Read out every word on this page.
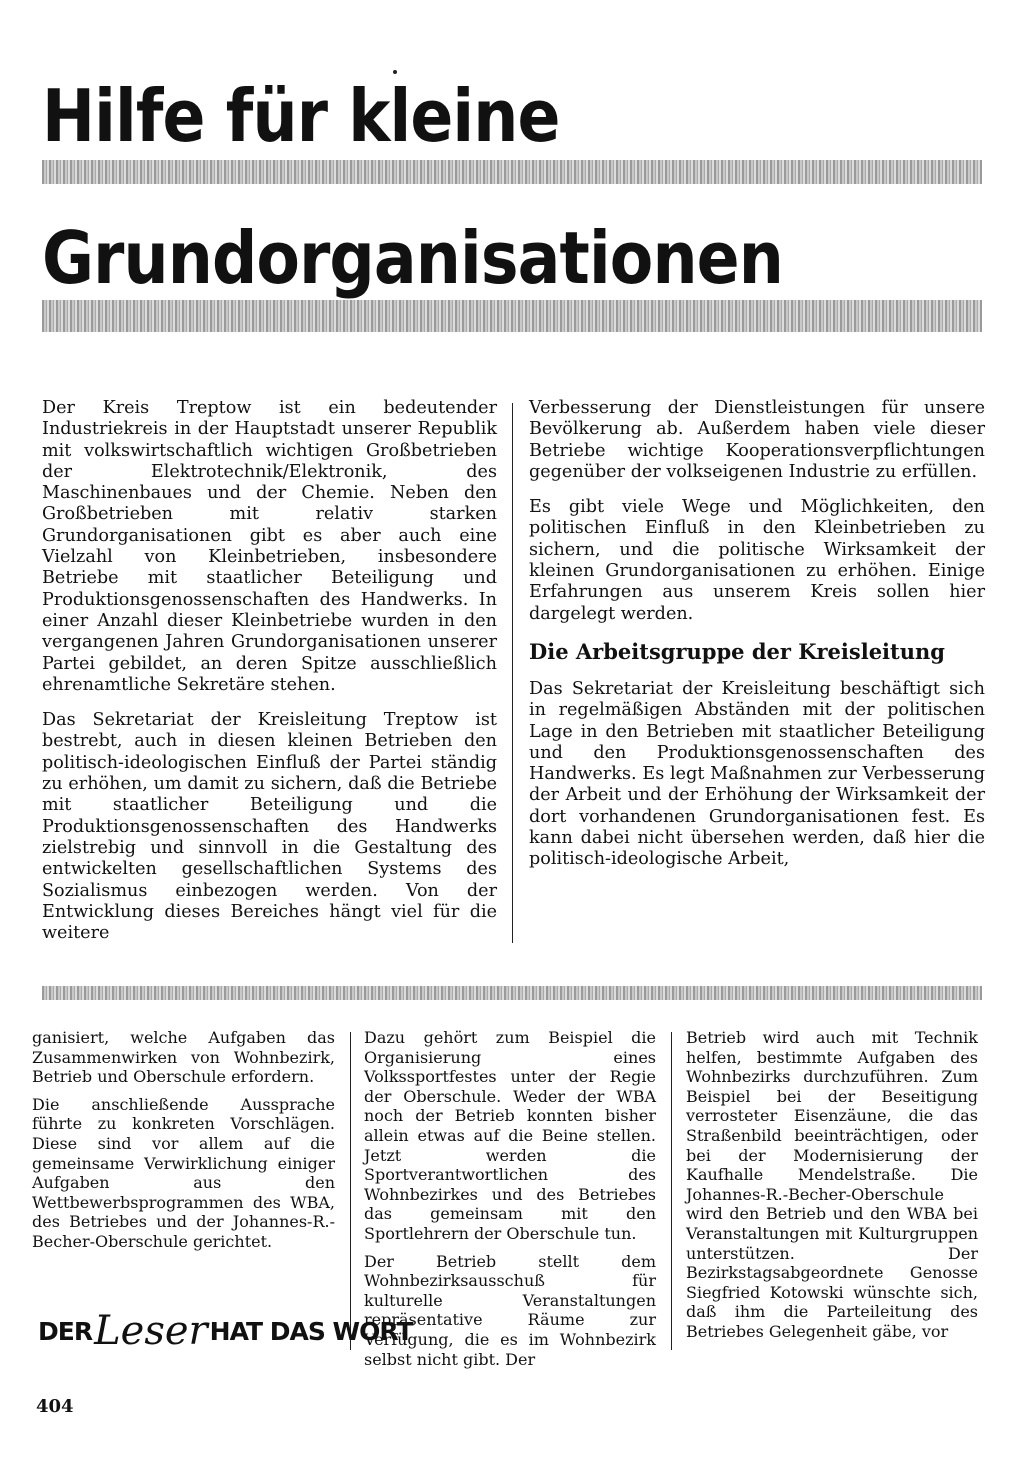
Hilfe für kleine
Grundorganisationen

Der Kreis Treptow ist ein bedeutender Industriekreis in der Hauptstadt unserer Republik mit volkswirtschaftlich wichtigen Großbetrieben der Elektrotechnik/Elektronik, des Maschinenbaues und der Chemie. Neben den Großbetrieben mit relativ starken Grundorganisationen gibt es aber auch eine Vielzahl von Kleinbetrieben, insbesondere Betriebe mit staatlicher Beteiligung und Produktionsgenossenschaften des Handwerks. In einer Anzahl dieser Kleinbetriebe wurden in den vergangenen Jahren Grundorganisationen unserer Partei gebildet, an deren Spitze ausschließlich ehrenamtliche Sekretäre stehen.

Das Sekretariat der Kreisleitung Treptow ist bestrebt, auch in diesen kleinen Betrieben den politisch-ideologischen Einfluß der Partei ständig zu erhöhen, um damit zu sichern, daß die Betriebe mit staatlicher Beteiligung und die Produktionsgenossenschaften des Handwerks zielstrebig und sinnvoll in die Gestaltung des entwickelten gesellschaftlichen Systems des Sozialismus einbezogen werden. Von der Entwicklung dieses Bereiches hängt viel für die weitere

Verbesserung der Dienstleistungen für unsere Bevölkerung ab. Außerdem haben viele dieser Betriebe wichtige Kooperationsverpflichtungen gegenüber der volkseigenen Industrie zu erfüllen.

Es gibt viele Wege und Möglichkeiten, den politischen Einfluß in den Kleinbetrieben zu sichern, und die politische Wirksamkeit der kleinen Grundorganisationen zu erhöhen. Einige Erfahrungen aus unserem Kreis sollen hier dargelegt werden.

Die Arbeitsgruppe der Kreisleitung

Das Sekretariat der Kreisleitung beschäftigt sich in regelmäßigen Abständen mit der politischen Lage in den Betrieben mit staatlicher Beteiligung und den Produktionsgenossenschaften des Handwerks. Es legt Maßnahmen zur Verbesserung der Arbeit und der Erhöhung der Wirksamkeit der dort vorhandenen Grundorganisationen fest. Es kann dabei nicht übersehen werden, daß hier die politisch-ideologische Arbeit,

ganisiert, welche Aufgaben das Zusammenwirken von Wohnbezirk, Betrieb und Oberschule erfordern.

Die anschließende Aussprache führte zu konkreten Vorschlägen. Diese sind vor allem auf die gemeinsame Verwirklichung einiger Aufgaben aus den Wettbewerbsprogrammen des WBA, des Betriebes und der Johannes-R.-Becher-Oberschule gerichtet.

Dazu gehört zum Beispiel die Organisierung eines Volkssportfestes unter der Regie der Oberschule. Weder der WBA noch der Betrieb konnten bisher allein etwas auf die Beine stellen. Jetzt werden die Sportverantwortlichen des Wohnbezirkes und des Betriebes das gemeinsam mit den Sportlehrern der Oberschule tun.

Der Betrieb stellt dem Wohnbezirksausschuß für kulturelle Veranstaltungen repräsentative Räume zur Verfügung, die es im Wohnbezirk selbst nicht gibt. Der

Betrieb wird auch mit Technik helfen, bestimmte Aufgaben des Wohnbezirks durchzuführen. Zum Beispiel bei der Beseitigung verrosteter Eisenzäune, die das Straßenbild beeinträchtigen, oder bei der Modernisierung der Kaufhalle Mendelstraße. Die Johannes-R.-Becher-Oberschule wird den Betrieb und den WBA bei Veranstaltungen mit Kulturgruppen unterstützen. Der Bezirkstagsabgeordnete Genosse Siegfried Kotowski wünschte sich, daß ihm die Parteileitung des Betriebes Gelegenheit gäbe, vor

DER Leser HAT DAS WORT
404
